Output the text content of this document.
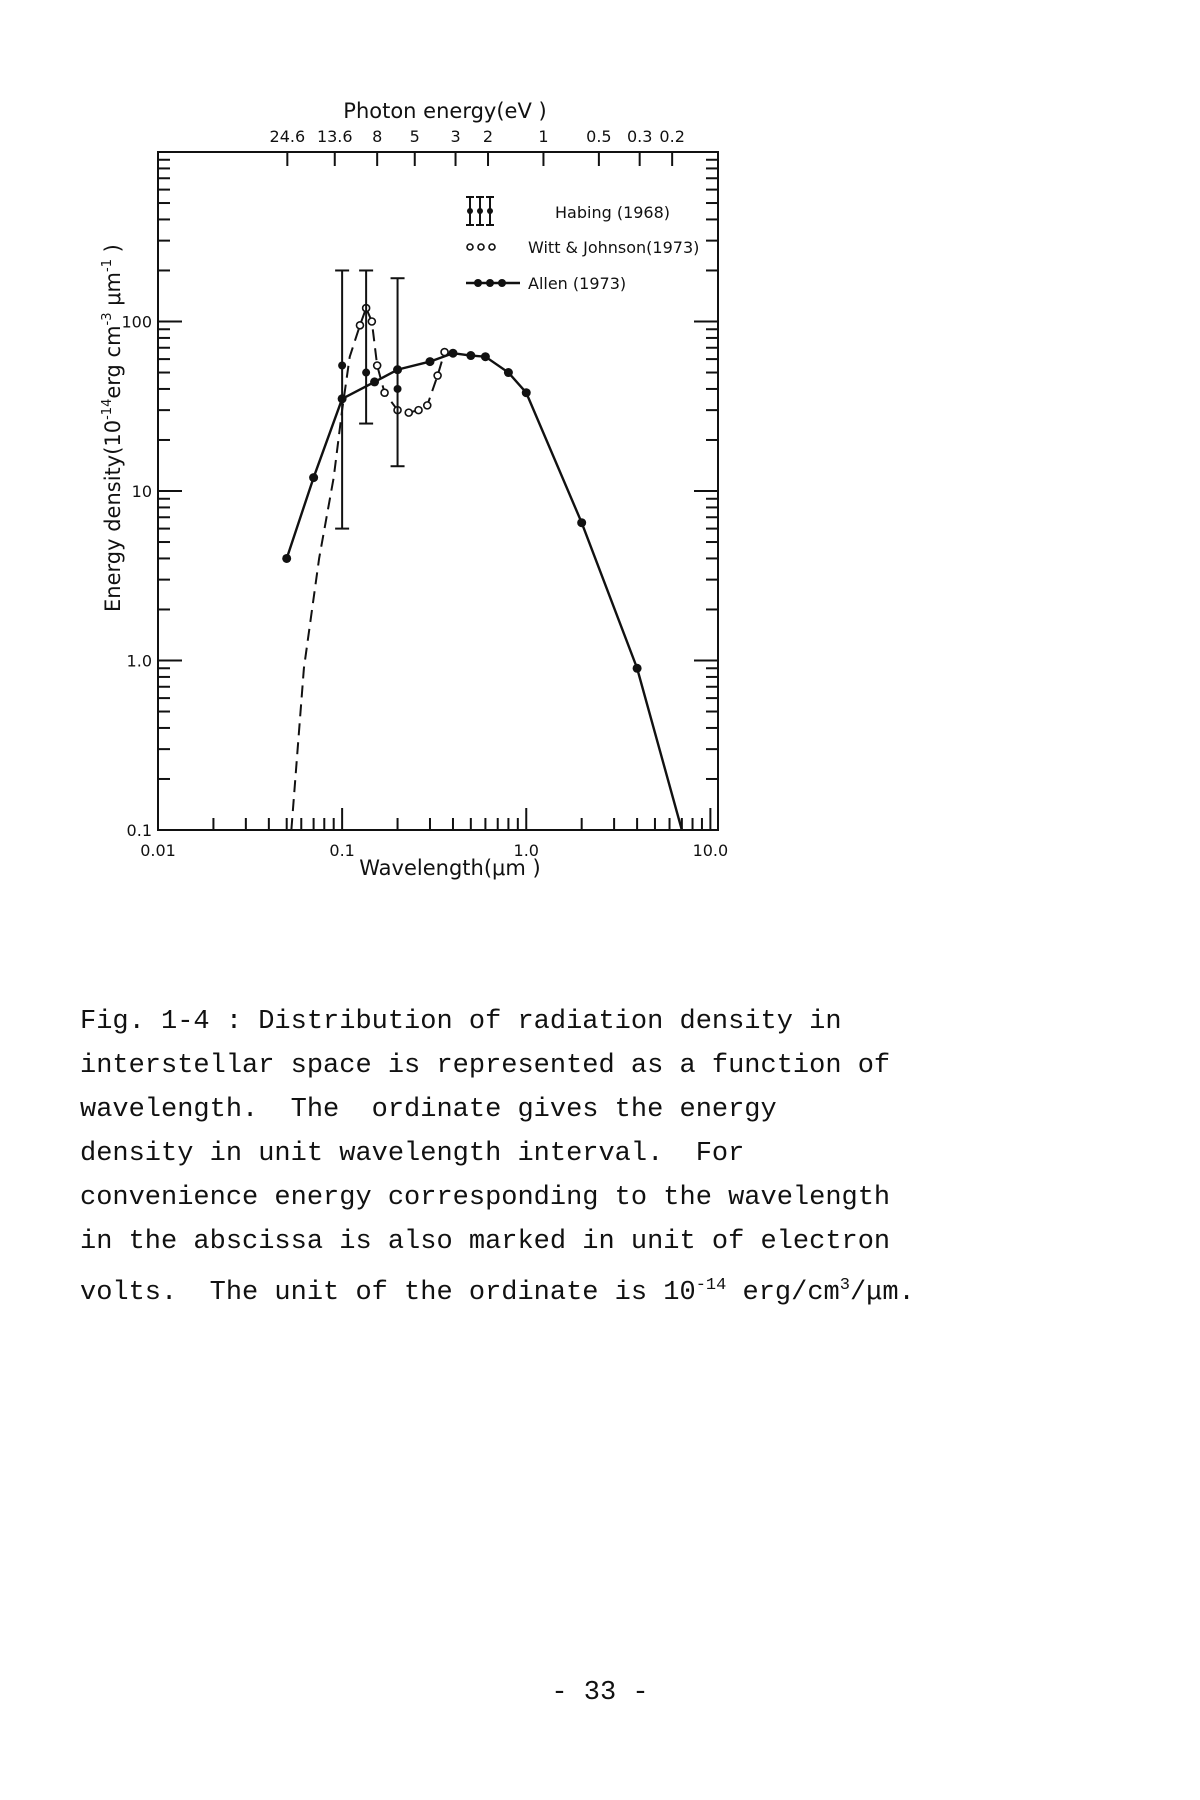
24.6 13.6 8 5 3 2	1 0.5 0.3 0.2
0.01	0.1	1.0	10.0
0.1
1.0
10
100
Habing (1968)
Witt & Johnson(1973)
Allen (1973)
Photon energy(eV )
Wavelength(μm )
Energy $density(10^{-14}erg$ $cm^{-3}$ $\mu m^{-1}$ )
Fig. 1-4 : Distribution of radiation density in
interstellar space is represented as a function of
wavelength.  The  ordinate gives the energy
density in unit wavelength interval.  For
convenience energy corresponding to the wavelength
in the abscissa is also marked in unit of electron
volts.  The unit of the ordinate is $10^{-14}$ erg/$cm^3/\mu m$.
- 33 -
